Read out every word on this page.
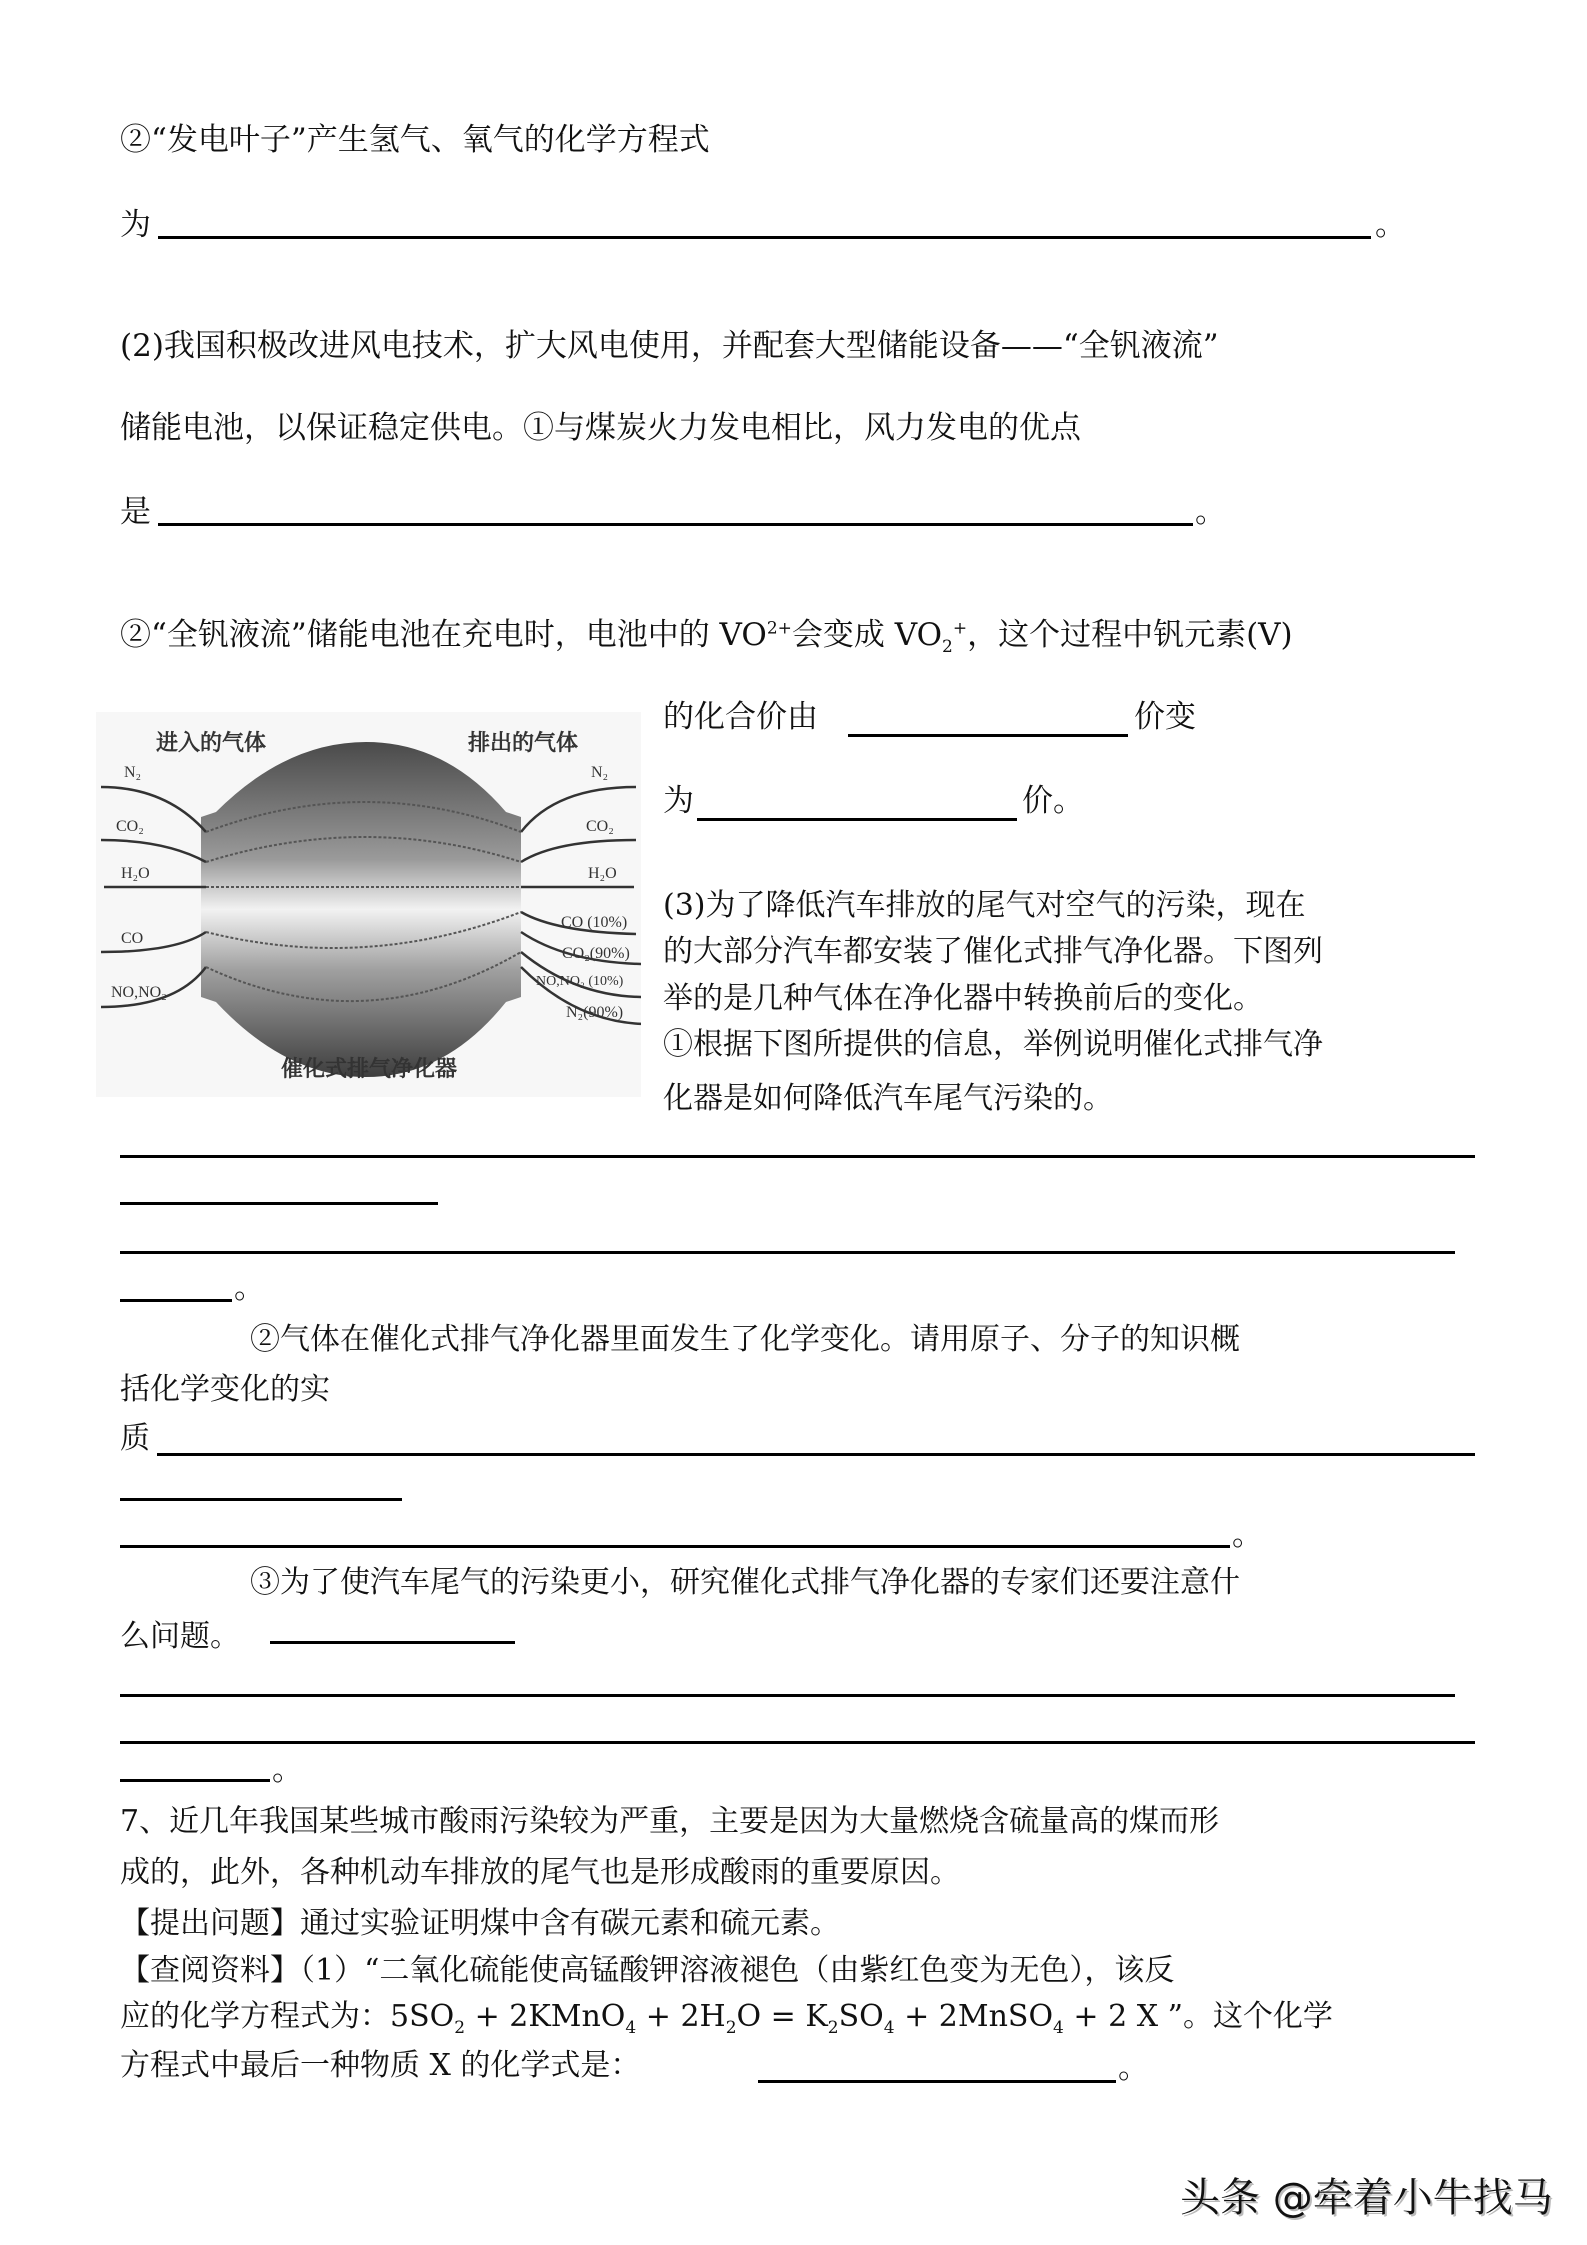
②“发电叶子”产生氢气、氧气的化学方程式
为	。
(2)我国积极改进风电技术，扩大风电使用，并配套大型储能设备——“全钒液流”
储能电池，以保证稳定供电。①与煤炭火力发电相比，风力发电的优点
是	。
②“全钒液流”储能电池在充电时，电池中的 $VO^{2+}$会变成 $VO_2^+$，这个过程中钒元素(V)
进入的气体	排出的气体
N₂
CO₂
H₂O
CO
NO,NO₂
N₂
CO₂
H₂O
CO (10%)
CO₂(90%)
NO,NO₂ (10%)
N₂(90%)
催化式排气净化器
的化合价由	价变
为	价。
(3)为了降低汽车排放的尾气对空气的污染，现在
的大部分汽车都安装了催化式排气净化器。下图列
举的是几种气体在净化器中转换前后的变化。
①根据下图所提供的信息，举例说明催化式排气净
化器是如何降低汽车尾气污染的。
。
②气体在催化式排气净化器里面发生了化学变化。请用原子、分子的知识概
括化学变化的实
质
。
③为了使汽车尾气的污染更小，研究催化式排气净化器的专家们还要注意什
么问题。
。
7、近几年我国某些城市酸雨污染较为严重，主要是因为大量燃烧含硫量高的煤而形
成的，此外，各种机动车排放的尾气也是形成酸雨的重要原因。
【提出问题】通过实验证明煤中含有碳元素和硫元素。
【查阅资料】（1）“二氧化硫能使高锰酸钾溶液褪色（由紫红色变为无色），该反
应的化学方程式为：$5SO_2$ + 2KMnO$_4$ + $2H_2O = K_2SO_4$ + 2MnSO$_4$ + 2 X ”。这个化学
方程式中最后一种物质 X 的化学式是：	。
头条 @牵着小牛找马
